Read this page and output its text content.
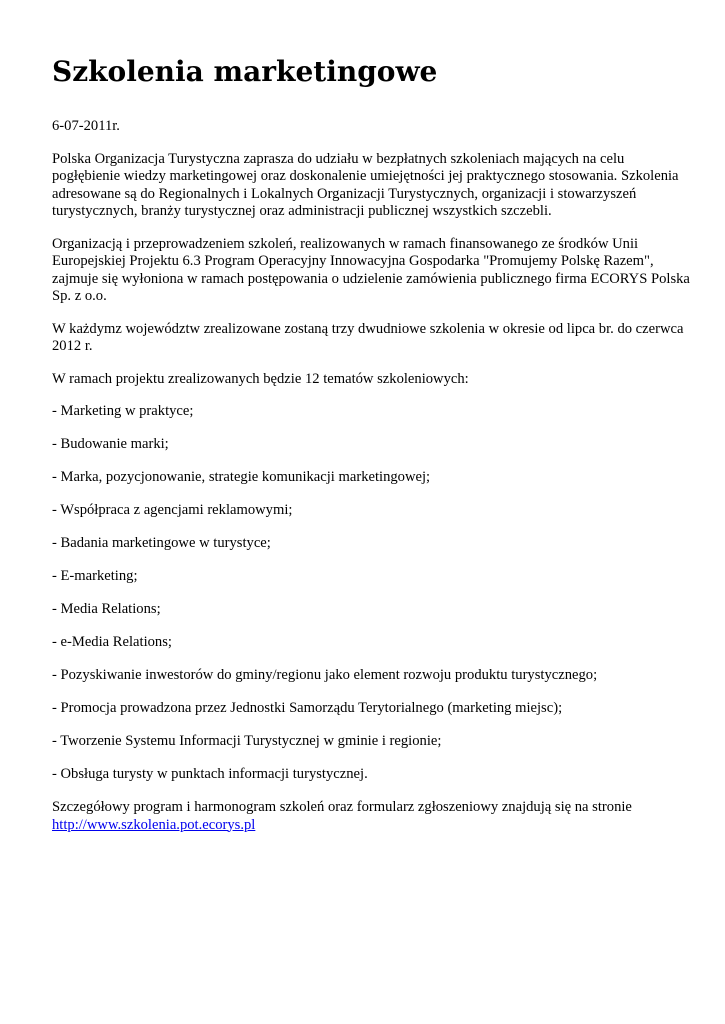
Szkolenia marketingowe

6-07-2011r.

Polska Organizacja Turystyczna zaprasza do udziału w bezpłatnych szkoleniach mających na celu pogłębienie wiedzy marketingowej oraz doskonalenie umiejętności jej praktycznego stosowania. Szkolenia adresowane są do Regionalnych i Lokalnych Organizacji Turystycznych, organizacji i stowarzyszeń turystycznych, branży turystycznej oraz administracji publicznej wszystkich szczebli.

Organizacją i przeprowadzeniem szkoleń, realizowanych w ramach finansowanego ze środków Unii Europejskiej Projektu 6.3 Program Operacyjny Innowacyjna Gospodarka "Promujemy Polskę Razem", zajmuje się wyłoniona w ramach postępowania o udzielenie zamówienia publicznego firma ECORYS Polska Sp. z o.o.

W każdymz województw zrealizowane zostaną trzy dwudniowe szkolenia w okresie od lipca br. do czerwca 2012 r.

W ramach projektu zrealizowanych będzie 12 tematów szkoleniowych:

- Marketing w praktyce;

- Budowanie marki;

- Marka, pozycjonowanie, strategie komunikacji marketingowej;

- Współpraca z agencjami reklamowymi;

- Badania marketingowe w turystyce;

- E-marketing;

- Media Relations;

- e-Media Relations;

- Pozyskiwanie inwestorów do gminy/regionu jako element rozwoju produktu turystycznego;

- Promocja prowadzona przez Jednostki Samorządu Terytorialnego (marketing miejsc);

- Tworzenie Systemu Informacji Turystycznej w gminie i regionie;

- Obsługa turysty w punktach informacji turystycznej.

Szczegółowy program i harmonogram szkoleń oraz formularz zgłoszeniowy znajdują się na stronie
http://www.szkolenia.pot.ecorys.pl
